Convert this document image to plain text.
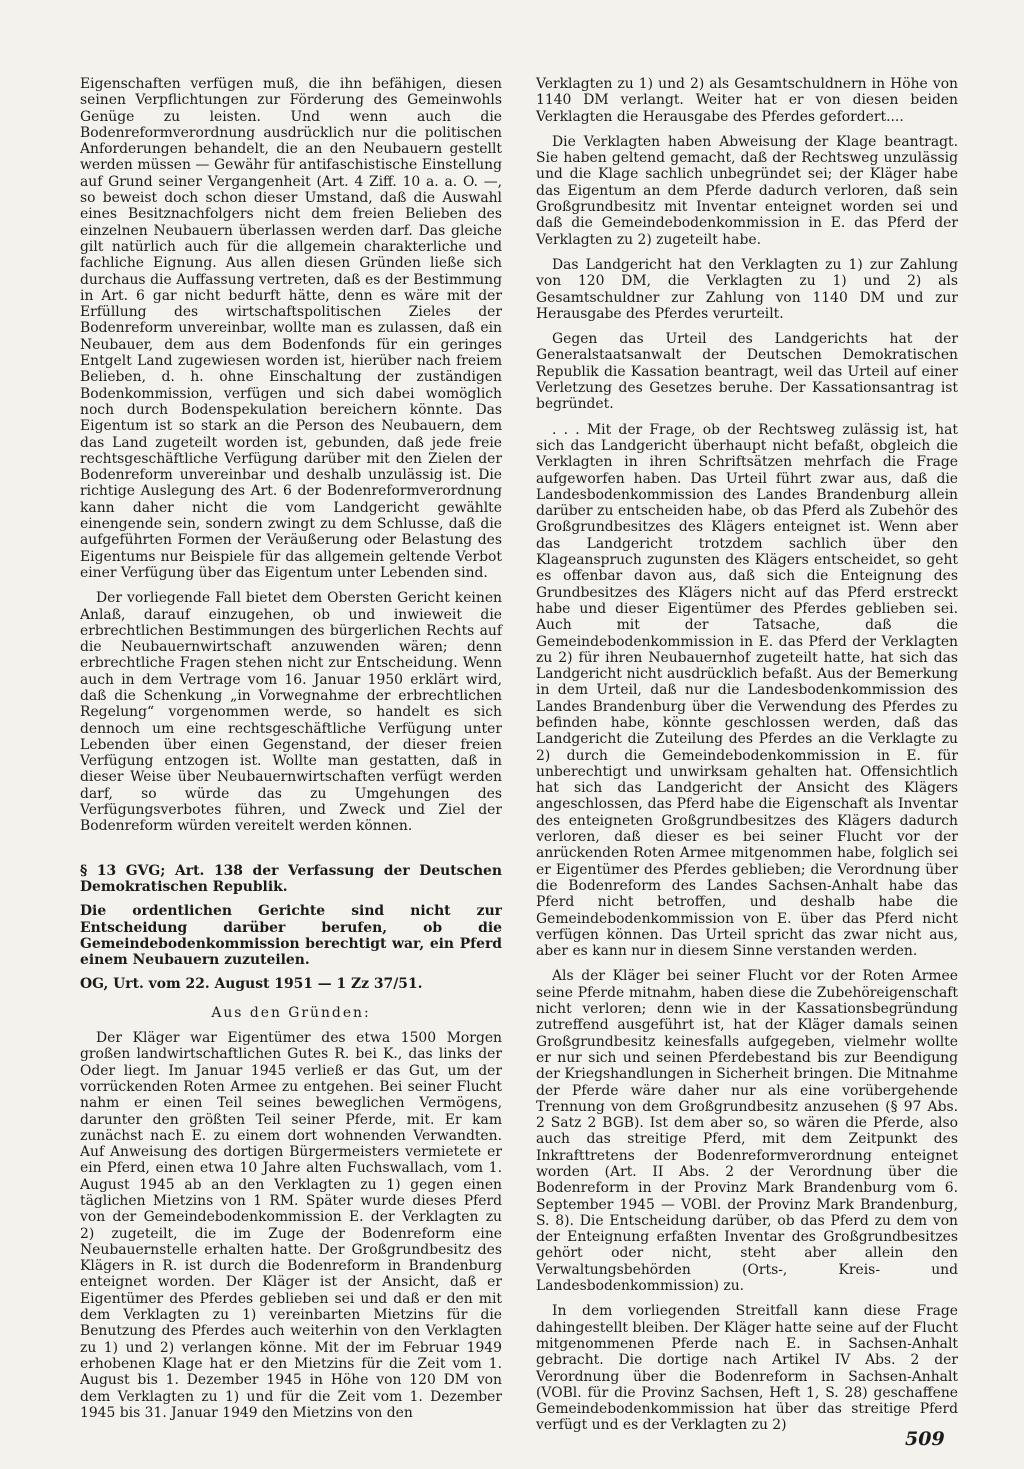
Eigenschaften verfügen muß, die ihn befähigen, diesen seinen Verpflichtungen zur Förderung des Gemeinwohls Genüge zu leisten. Und wenn auch die Bodenreformverordnung ausdrücklich nur die politischen Anforderungen behandelt, die an den Neubauern gestellt werden müssen — Gewähr für antifaschistische Einstellung auf Grund seiner Vergangenheit (Art. 4 Ziff. 10 a. a. O. —, so beweist doch schon dieser Umstand, daß die Auswahl eines Besitznachfolgers nicht dem freien Belieben des einzelnen Neubauern überlassen werden darf. Das gleiche gilt natürlich auch für die allgemein charakterliche und fachliche Eignung. Aus allen diesen Gründen ließe sich durchaus die Auffassung vertreten, daß es der Bestimmung in Art. 6 gar nicht bedurft hätte, denn es wäre mit der Erfüllung des wirtschaftspolitischen Zieles der Bodenreform unvereinbar, wollte man es zulassen, daß ein Neubauer, dem aus dem Bodenfonds für ein geringes Entgelt Land zugewiesen worden ist, hierüber nach freiem Belieben, d. h. ohne Einschaltung der zuständigen Bodenkommission, verfügen und sich dabei womöglich noch durch Bodenspekulation bereichern könnte. Das Eigentum ist so stark an die Person des Neubauern, dem das Land zugeteilt worden ist, gebunden, daß jede freie rechtsgeschäftliche Verfügung darüber mit den Zielen der Bodenreform unvereinbar und deshalb unzulässig ist. Die richtige Auslegung des Art. 6 der Bodenreformverordnung kann daher nicht die vom Landgericht gewählte einengende sein, sondern zwingt zu dem Schlusse, daß die aufgeführten Formen der Veräußerung oder Belastung des Eigentums nur Beispiele für das allgemein geltende Verbot einer Verfügung über das Eigentum unter Lebenden sind.

Der vorliegende Fall bietet dem Obersten Gericht keinen Anlaß, darauf einzugehen, ob und inwieweit die erbrechtlichen Bestimmungen des bürgerlichen Rechts auf die Neubauernwirtschaft anzuwenden wären; denn erbrechtliche Fragen stehen nicht zur Entscheidung. Wenn auch in dem Vertrage vom 16. Januar 1950 erklärt wird, daß die Schenkung „in Vorwegnahme der erbrechtlichen Regelung“ vorgenommen werde, so handelt es sich dennoch um eine rechtsgeschäftliche Verfügung unter Lebenden über einen Gegenstand, der dieser freien Verfügung entzogen ist. Wollte man gestatten, daß in dieser Weise über Neubauernwirtschaften verfügt werden darf, so würde das zu Umgehungen des Verfügungsverbotes führen, und Zweck und Ziel der Bodenreform würden vereitelt werden können.

§ 13 GVG; Art. 138 der Verfassung der Deutschen Demokratischen Republik.

Die ordentlichen Gerichte sind nicht zur Entscheidung darüber berufen, ob die Gemeindebodenkommission berechtigt war, ein Pferd einem Neubauern zuzuteilen.

OG, Urt. vom 22. August 1951 — 1 Zz 37/51.

Aus den Gründen:

Der Kläger war Eigentümer des etwa 1500 Morgen großen landwirtschaftlichen Gutes R. bei K., das links der Oder liegt. Im Januar 1945 verließ er das Gut, um der vorrückenden Roten Armee zu entgehen. Bei seiner Flucht nahm er einen Teil seines beweglichen Vermögens, darunter den größten Teil seiner Pferde, mit. Er kam zunächst nach E. zu einem dort wohnenden Verwandten. Auf Anweisung des dortigen Bürgermeisters vermietete er ein Pferd, einen etwa 10 Jahre alten Fuchswallach, vom 1. August 1945 ab an den Verklagten zu 1) gegen einen täglichen Mietzins von 1 RM. Später wurde dieses Pferd von der Gemeindebodenkommission E. der Verklagten zu 2) zugeteilt, die im Zuge der Bodenreform eine Neubauernstelle erhalten hatte. Der Großgrundbesitz des Klägers in R. ist durch die Bodenreform in Brandenburg enteignet worden. Der Kläger ist der Ansicht, daß er Eigentümer des Pferdes geblieben sei und daß er den mit dem Verklagten zu 1) vereinbarten Mietzins für die Benutzung des Pferdes auch weiterhin von den Verklagten zu 1) und 2) verlangen könne. Mit der im Februar 1949 erhobenen Klage hat er den Mietzins für die Zeit vom 1. August bis 1. Dezember 1945 in Höhe von 120 DM von dem Verklagten zu 1) und für die Zeit vom 1. Dezember 1945 bis 31. Januar 1949 den Mietzins von den

Verklagten zu 1) und 2) als Gesamtschuldnern in Höhe von 1140 DM verlangt. Weiter hat er von diesen beiden Verklagten die Herausgabe des Pferdes gefordert....

Die Verklagten haben Abweisung der Klage beantragt. Sie haben geltend gemacht, daß der Rechtsweg unzulässig und die Klage sachlich unbegründet sei; der Kläger habe das Eigentum an dem Pferde dadurch verloren, daß sein Großgrundbesitz mit Inventar enteignet worden sei und daß die Gemeindebodenkommission in E. das Pferd der Verklagten zu 2) zugeteilt habe.

Das Landgericht hat den Verklagten zu 1) zur Zahlung von 120 DM, die Verklagten zu 1) und 2) als Gesamtschuldner zur Zahlung von 1140 DM und zur Herausgabe des Pferdes verurteilt.

Gegen das Urteil des Landgerichts hat der Generalstaatsanwalt der Deutschen Demokratischen Republik die Kassation beantragt, weil das Urteil auf einer Verletzung des Gesetzes beruhe. Der Kassationsantrag ist begründet.

. . . Mit der Frage, ob der Rechtsweg zulässig ist, hat sich das Landgericht überhaupt nicht befaßt, obgleich die Verklagten in ihren Schriftsätzen mehrfach die Frage aufgeworfen haben. Das Urteil führt zwar aus, daß die Landesbodenkommission des Landes Brandenburg allein darüber zu entscheiden habe, ob das Pferd als Zubehör des Großgrundbesitzes des Klägers enteignet ist. Wenn aber das Landgericht trotzdem sachlich über den Klageanspruch zugunsten des Klägers entscheidet, so geht es offenbar davon aus, daß sich die Enteignung des Grundbesitzes des Klägers nicht auf das Pferd erstreckt habe und dieser Eigentümer des Pferdes geblieben sei. Auch mit der Tatsache, daß die Gemeindebodenkommission in E. das Pferd der Verklagten zu 2) für ihren Neubauernhof zugeteilt hatte, hat sich das Landgericht nicht ausdrücklich befaßt. Aus der Bemerkung in dem Urteil, daß nur die Landesbodenkommission des Landes Brandenburg über die Verwendung des Pferdes zu befinden habe, könnte geschlossen werden, daß das Landgericht die Zuteilung des Pferdes an die Verklagte zu 2) durch die Gemeindebodenkommission in E. für unberechtigt und unwirksam gehalten hat. Offensichtlich hat sich das Landgericht der Ansicht des Klägers angeschlossen, das Pferd habe die Eigenschaft als Inventar des enteigneten Großgrundbesitzes des Klägers dadurch verloren, daß dieser es bei seiner Flucht vor der anrückenden Roten Armee mitgenommen habe, folglich sei er Eigentümer des Pferdes geblieben; die Verordnung über die Bodenreform des Landes Sachsen-Anhalt habe das Pferd nicht betroffen, und deshalb habe die Gemeindebodenkommission von E. über das Pferd nicht verfügen können. Das Urteil spricht das zwar nicht aus, aber es kann nur in diesem Sinne verstanden werden.

Als der Kläger bei seiner Flucht vor der Roten Armee seine Pferde mitnahm, haben diese die Zubehöreigenschaft nicht verloren; denn wie in der Kassationsbegründung zutreffend ausgeführt ist, hat der Kläger damals seinen Großgrundbesitz keinesfalls aufgegeben, vielmehr wollte er nur sich und seinen Pferdebestand bis zur Beendigung der Kriegshandlungen in Sicherheit bringen. Die Mitnahme der Pferde wäre daher nur als eine vorübergehende Trennung von dem Großgrundbesitz anzusehen (§ 97 Abs. 2 Satz 2 BGB). Ist dem aber so, so wären die Pferde, also auch das streitige Pferd, mit dem Zeitpunkt des Inkrafttretens der Bodenreformverordnung enteignet worden (Art. II Abs. 2 der Verordnung über die Bodenreform in der Provinz Mark Brandenburg vom 6. September 1945 — VOBl. der Provinz Mark Brandenburg, S. 8). Die Entscheidung darüber, ob das Pferd zu dem von der Enteignung erfaßten Inventar des Großgrundbesitzes gehört oder nicht, steht aber allein den Verwaltungsbehörden (Orts-, Kreis- und Landesbodenkommission) zu.

In dem vorliegenden Streitfall kann diese Frage dahingestellt bleiben. Der Kläger hatte seine auf der Flucht mitgenommenen Pferde nach E. in Sachsen-Anhalt gebracht. Die dortige nach Artikel IV Abs. 2 der Verordnung über die Bodenreform in Sachsen-Anhalt (VOBl. für die Provinz Sachsen, Heft 1, S. 28) geschaffene Gemeindebodenkommission hat über das streitige Pferd verfügt und es der Verklagten zu 2)

509
